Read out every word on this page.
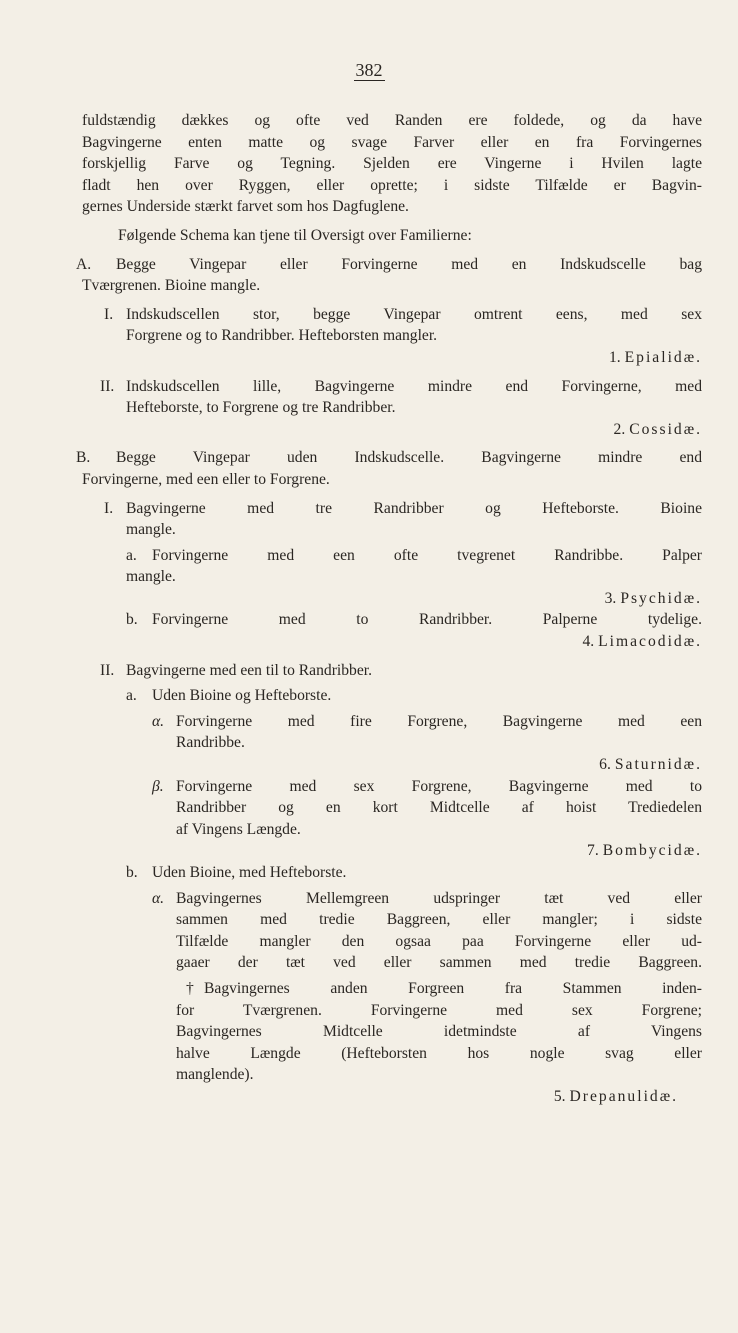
382
fuldstændig dækkes og ofte ved Randen ere foldede, og da have
Bagvingerne enten matte og svage Farver eller en fra Forvingernes
forskjellig Farve og Tegning. Sjelden ere Vingerne i Hvilen lagte
fladt hen over Ryggen, eller oprette; i sidste Tilfælde er Bagvin-
gernes Underside stærkt farvet som hos Dagfuglene.
Følgende Schema kan tjene til Oversigt over Familierne:
A. Begge Vingepar eller Forvingerne med en Indskudscelle bag
Tværgrenen. Bioine mangle.
I. Indskudscellen stor, begge Vingepar omtrent eens, med sex
Forgrene og to Randribber. Hefteborsten mangler.
1. Epialidæ.
II. Indskudscellen lille, Bagvingerne mindre end Forvingerne, med
Hefteborste, to Forgrene og tre Randribber.
2. Cossidæ.
B. Begge Vingepar uden Indskudscelle. Bagvingerne mindre end
Forvingerne, med een eller to Forgrene.
I. Bagvingerne med tre Randribber og Hefteborste. Bioine
mangle.
a. Forvingerne med een ofte tvegrenet Randribbe. Palper
mangle.
3. Psychidæ.
b. Forvingerne med to Randribber. Palperne tydelige.
4. Limacodidæ.
II. Bagvingerne med een til to Randribber.
a. Uden Bioine og Hefteborste.
α. Forvingerne med fire Forgrene, Bagvingerne med een
Randribbe.
6. Saturnidæ.
β. Forvingerne med sex Forgrene, Bagvingerne med to
Randribber og en kort Midtcelle af hoist Trediedelen
af Vingens Længde.
7. Bombycidæ.
b. Uden Bioine, med Hefteborste.
α. Bagvingernes Mellemgreen udspringer tæt ved eller
sammen med tredie Baggreen, eller mangler; i sidste
Tilfælde mangler den ogsaa paa Forvingerne eller ud-
gaaer der tæt ved eller sammen med tredie Baggreen.
† Bagvingernes anden Forgreen fra Stammen inden-
for Tværgrenen. Forvingerne med sex Forgrene;
Bagvingernes Midtcelle idetmindste af Vingens
halve Længde (Hefteborsten hos nogle svag eller
manglende).
5. Drepanulidæ.
